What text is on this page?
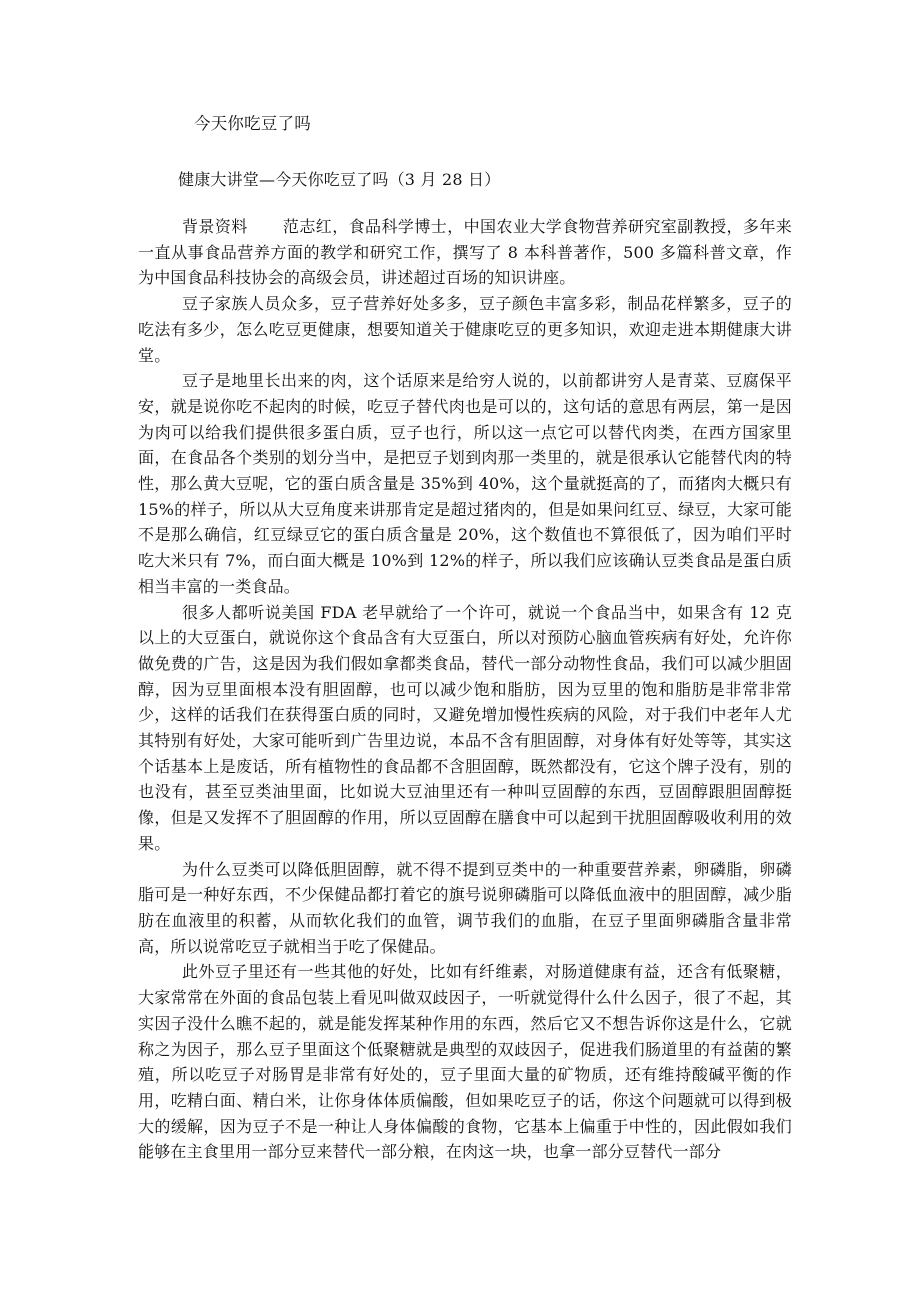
今天你吃豆了吗
健康大讲堂—今天你吃豆了吗（3 月 28 日）

背景资料 范志红，食品科学博士，中国农业大学食物营养研究室副教授，多年来一直从事食品营养方面的教学和研究工作，撰写了 8 本科普著作，500 多篇科普文章，作为中国食品科技协会的高级会员，讲述超过百场的知识讲座。

豆子家族人员众多，豆子营养好处多多，豆子颜色丰富多彩，制品花样繁多，豆子的吃法有多少，怎么吃豆更健康，想要知道关于健康吃豆的更多知识，欢迎走进本期健康大讲堂。

豆子是地里长出来的肉，这个话原来是给穷人说的，以前都讲穷人是青菜、豆腐保平安，就是说你吃不起肉的时候，吃豆子替代肉也是可以的，这句话的意思有两层，第一是因为肉可以给我们提供很多蛋白质，豆子也行，所以这一点它可以替代肉类，在西方国家里面，在食品各个类别的划分当中，是把豆子划到肉那一类里的，就是很承认它能替代肉的特性，那么黄大豆呢，它的蛋白质含量是 35%到 40%，这个量就挺高的了，而猪肉大概只有 15%的样子，所以从大豆角度来讲那肯定是超过猪肉的，但是如果问红豆、绿豆，大家可能不是那么确信，红豆绿豆它的蛋白质含量是 20%，这个数值也不算很低了，因为咱们平时吃大米只有 7%，而白面大概是 10%到 12%的样子，所以我们应该确认豆类食品是蛋白质相当丰富的一类食品。

很多人都听说美国 FDA 老早就给了一个许可，就说一个食品当中，如果含有 12 克以上的大豆蛋白，就说你这个食品含有大豆蛋白，所以对预防心脑血管疾病有好处，允许你做免费的广告，这是因为我们假如拿都类食品，替代一部分动物性食品，我们可以减少胆固醇，因为豆里面根本没有胆固醇，也可以减少饱和脂肪，因为豆里的饱和脂肪是非常非常少，这样的话我们在获得蛋白质的同时，又避免增加慢性疾病的风险，对于我们中老年人尤其特别有好处，大家可能听到广告里边说，本品不含有胆固醇，对身体有好处等等，其实这个话基本上是废话，所有植物性的食品都不含胆固醇，既然都没有，它这个牌子没有，别的也没有，甚至豆类油里面，比如说大豆油里还有一种叫豆固醇的东西，豆固醇跟胆固醇挺像，但是又发挥不了胆固醇的作用，所以豆固醇在膳食中可以起到干扰胆固醇吸收利用的效果。

为什么豆类可以降低胆固醇，就不得不提到豆类中的一种重要营养素，卵磷脂，卵磷脂可是一种好东西，不少保健品都打着它的旗号说卵磷脂可以降低血液中的胆固醇，减少脂肪在血液里的积蓄，从而软化我们的血管，调节我们的血脂，在豆子里面卵磷脂含量非常高，所以说常吃豆子就相当于吃了保健品。

此外豆子里还有一些其他的好处，比如有纤维素，对肠道健康有益，还含有低聚糖，大家常常在外面的食品包装上看见叫做双歧因子，一听就觉得什么什么因子，很了不起，其实因子没什么瞧不起的，就是能发挥某种作用的东西，然后它又不想告诉你这是什么，它就称之为因子，那么豆子里面这个低聚糖就是典型的双歧因子，促进我们肠道里的有益菌的繁殖，所以吃豆子对肠胃是非常有好处的，豆子里面大量的矿物质，还有维持酸碱平衡的作用，吃精白面、精白米，让你身体体质偏酸，但如果吃豆子的话，你这个问题就可以得到极大的缓解，因为豆子不是一种让人身体偏酸的食物，它基本上偏重于中性的，因此假如我们能够在主食里用一部分豆来替代一部分粮，在肉这一块，也拿一部分豆替代一部分
